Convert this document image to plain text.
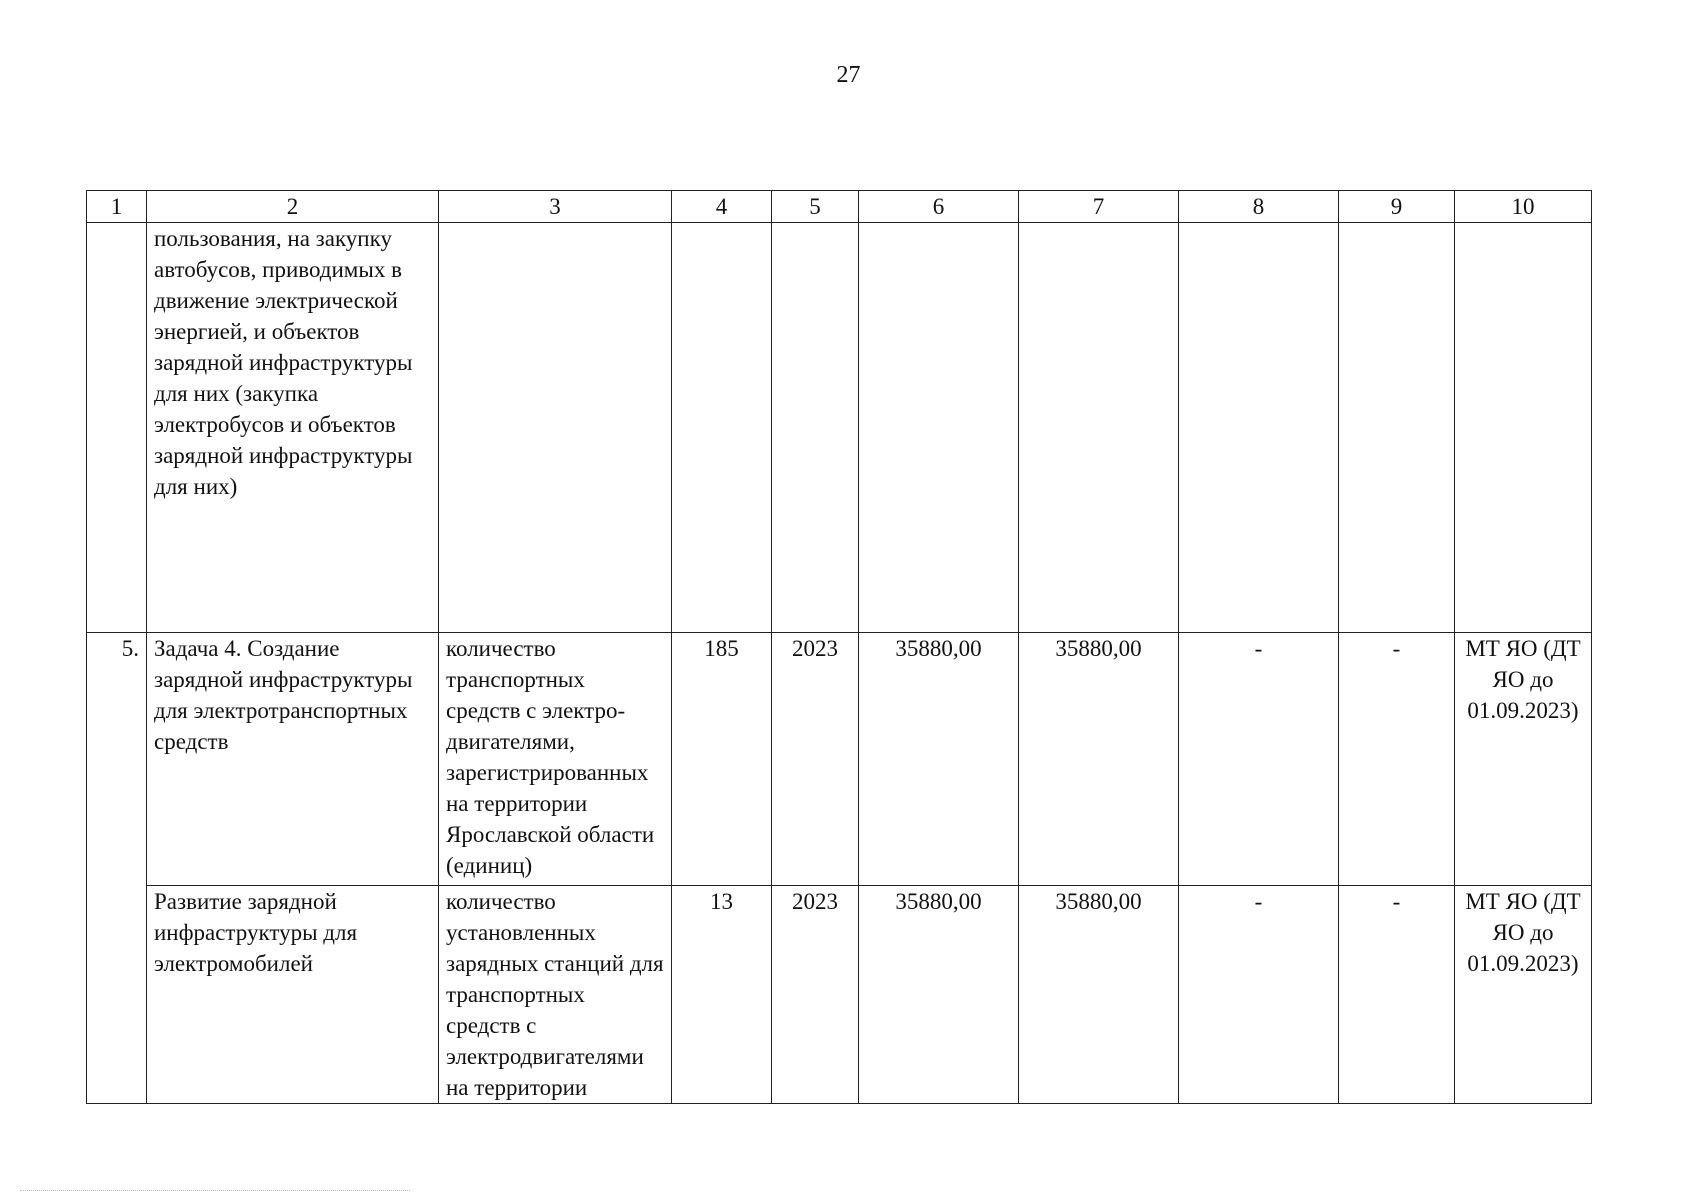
27
1	2	3	4	5	6	7	8	9	10
	пользования, на закупку автобусов, приводимых в движение электрической энергией, и объектов зарядной инфраструктуры для них (закупка электробусов и объектов зарядной инфраструктуры для них)								
5.	Задача 4. Создание зарядной инфраструктуры для электротранспортных средств	количество транспортных средств с электро-двигателями, зарегистрированных на территории Ярославской области (единиц)	185	2023	35880,00	35880,00	-	-	МТ ЯО (ДТ ЯО до 01.09.2023)
	Развитие зарядной инфраструктуры для электромобилей	количество установленных зарядных станций для транспортных средств с электродвигателями на территории	13	2023	35880,00	35880,00	-	-	МТ ЯО (ДТ ЯО до 01.09.2023)
